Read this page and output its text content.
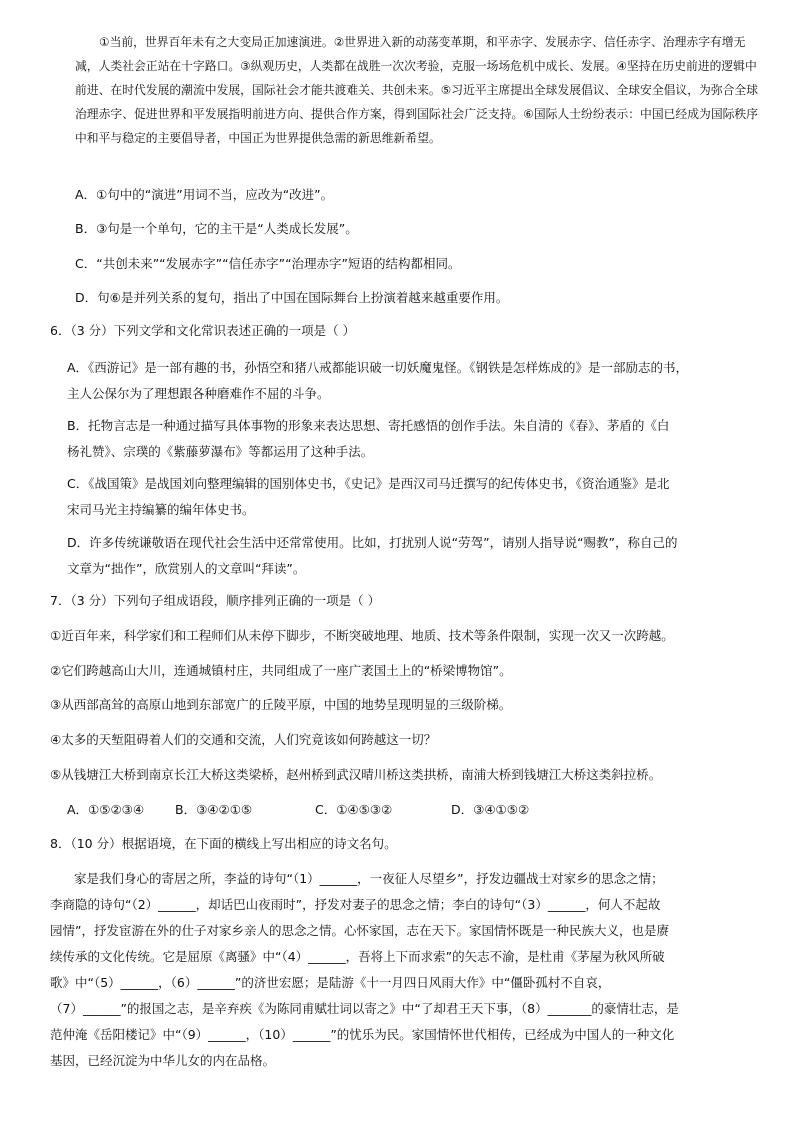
①当前，世界百年未有之大变局正加速演进。②世界进入新的动荡变革期，和平赤字、发展赤字、信任赤字、治理赤字有增无
减，人类社会正站在十字路口。③纵观历史，人类都在战胜一次次考验，克服一场场危机中成长、发展。④坚持在历史前进的逻辑中
前进、在时代发展的潮流中发展，国际社会才能共渡难关、共创未来。⑤习近平主席提出全球发展倡议、全球安全倡议，为弥合全球
治理赤字、促进世界和平发展指明前进方向、提供合作方案，得到国际社会广泛支持。⑥国际人士纷纷表示：中国已经成为国际秩序
中和平与稳定的主要倡导者，中国正为世界提供急需的新思维新希望。
A．①句中的“演进”用词不当，应改为“改进”。
B．③句是一个单句，它的主干是“人类成长发展”。
C．“共创未来”“发展赤字”“信任赤字”“治理赤字”短语的结构都相同。
D．句⑥是并列关系的复句，指出了中国在国际舞台上扮演着越来越重要作用。
6．（3 分）下列文学和文化常识表述正确的一项是（ ）
A．《西游记》是一部有趣的书，孙悟空和猪八戒都能识破一切妖魔鬼怪。《钢铁是怎样炼成的》是一部励志的书，
主人公保尔为了理想跟各种磨难作不屈的斗争。
B．托物言志是一种通过描写具体事物的形象来表达思想、寄托感悟的创作手法。朱自清的《春》、茅盾的《白
杨礼赞》、宗璞的《紫藤萝瀑布》等都运用了这种手法。
C．《战国策》是战国刘向整理编辑的国别体史书，《史记》是西汉司马迁撰写的纪传体史书，《资治通鉴》是北
宋司马光主持编纂的编年体史书。
D．许多传统谦敬语在现代社会生活中还常常使用。比如，打扰别人说“劳驾”，请别人指导说“赐教”，称自己的
文章为“拙作”，欣赏别人的文章叫“拜读”。
7．（3 分）下列句子组成语段，顺序排列正确的一项是（ ）
①近百年来，科学家们和工程师们从未停下脚步，不断突破地理、地质、技术等条件限制，实现一次又一次跨越。
②它们跨越高山大川，连通城镇村庄，共同组成了一座广袤国土上的“桥梁博物馆”。
③从西部高耸的高原山地到东部宽广的丘陵平原，中国的地势呈现明显的三级阶梯。
④太多的天堑阻碍着人们的交通和交流，人们究竟该如何跨越这一切？
⑤从钱塘江大桥到南京长江大桥这类梁桥，赵州桥到武汉晴川桥这类拱桥，南浦大桥到钱塘江大桥这类斜拉桥。
A．①⑤②③④ B．③④②①⑤	C．①④⑤③②	D．③④①⑤②
8．（10 分）根据语境，在下面的横线上写出相应的诗文名句。
家是我们身心的寄居之所，李益的诗句“（1）______，一夜征人尽望乡”，抒发边疆战士对家乡的思念之情；
李商隐的诗句“（2）______，却话巴山夜雨时”，抒发对妻子的思念之情；李白的诗句“（3）______，何人不起故
园情”，抒发宦游在外的仕子对家乡亲人的思念之情。心怀家国，志在天下。家国情怀既是一种民族大义，也是赓
续传承的文化传统。它是屈原《离骚》中“（4）______，吾将上下而求索”的矢志不渝，是杜甫《茅屋为秋风所破
歌》中“（5）______，（6）______”的济世宏愿；是陆游《十一月四日风雨大作》中“僵卧孤村不自哀，
（7）______”的报国之志，是辛弃疾《为陈同甫赋壮词以寄之》中“了却君王天下事，（8）_______的豪情壮志，是
范仲淹《岳阳楼记》中“（9）______，（10）______”的忧乐为民。家国情怀世代相传，已经成为中国人的一种文化
基因，已经沉淀为中华儿女的内在品格。
